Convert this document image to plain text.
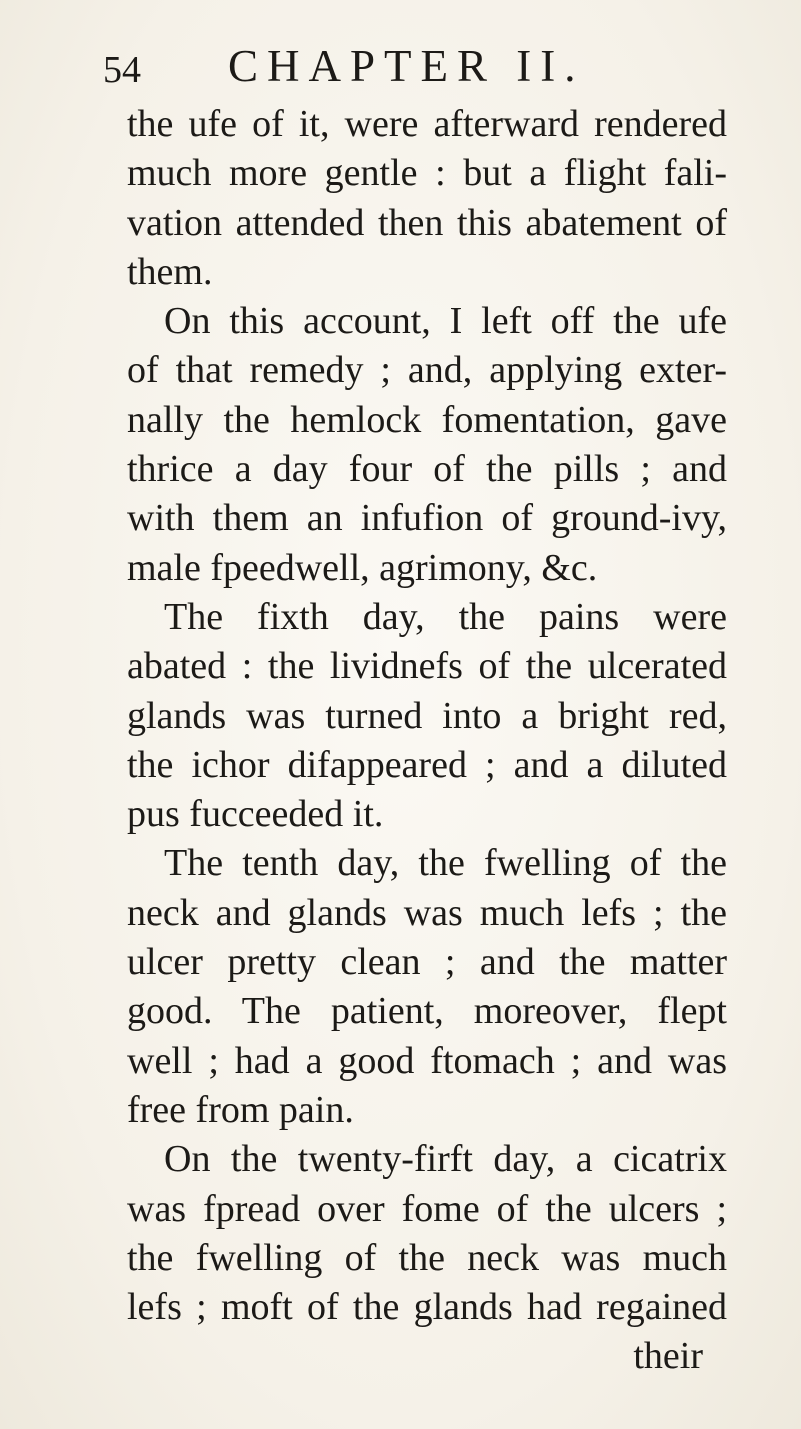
54 CHAPTER II.
the ufe of it, were afterward rendered
much more gentle : but a flight fali-
vation attended then this abatement of
them.
On this account, I left off the ufe
of that remedy ; and, applying exter-
nally the hemlock fomentation, gave
thrice a day four of the pills ; and
with them an infufion of ground-ivy,
male fpeedwell, agrimony, &c.
The fixth day, the pains were
abated : the lividnefs of the ulcerated
glands was turned into a bright red,
the ichor difappeared ; and a diluted
pus fucceeded it.
The tenth day, the fwelling of the
neck and glands was much lefs ; the
ulcer pretty clean ; and the matter
good. The patient, moreover, flept
well ; had a good ftomach ; and was
free from pain.
On the twenty-firft day, a cicatrix
was fpread over fome of the ulcers ;
the fwelling of the neck was much
lefs ; moft of the glands had regained
their
